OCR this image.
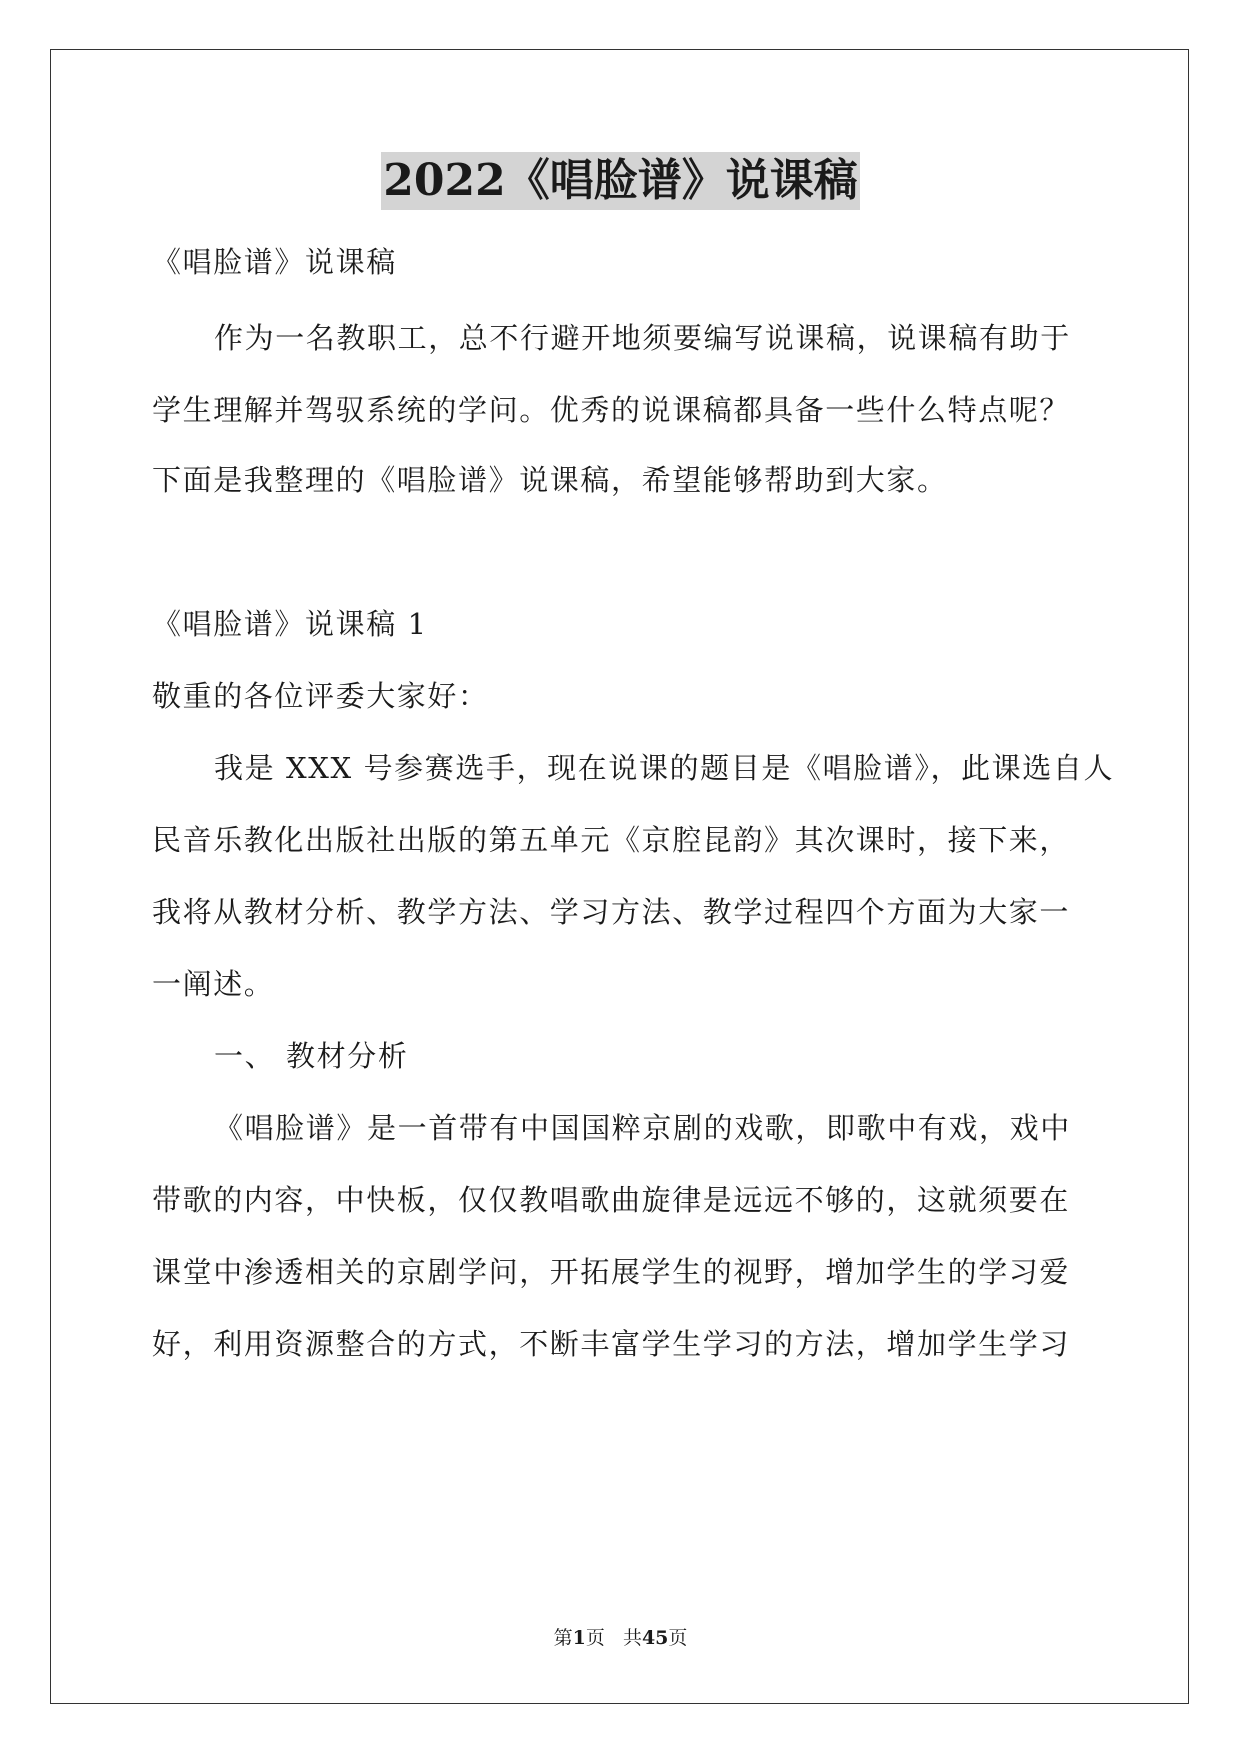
2022《唱脸谱》说课稿
《唱脸谱》说课稿
作为一名教职工，总不行避开地须要编写说课稿，说课稿有助于
学生理解并驾驭系统的学问。优秀的说课稿都具备一些什么特点呢？
下面是我整理的《唱脸谱》说课稿，希望能够帮助到大家。
《唱脸谱》说课稿 1
敬重的各位评委大家好：
我是 XXX 号参赛选手，现在说课的题目是《唱脸谱》，此课选自人
民音乐教化出版社出版的第五单元《京腔昆韵》其次课时，接下来，
我将从教材分析、教学方法、学习方法、教学过程四个方面为大家一
一阐述。
一、 教材分析
《唱脸谱》是一首带有中国国粹京剧的戏歌，即歌中有戏，戏中
带歌的内容，中快板，仅仅教唱歌曲旋律是远远不够的，这就须要在
课堂中渗透相关的京剧学问，开拓展学生的视野，增加学生的学习爱
好，利用资源整合的方式，不断丰富学生学习的方法，增加学生学习
第1页   共45页
